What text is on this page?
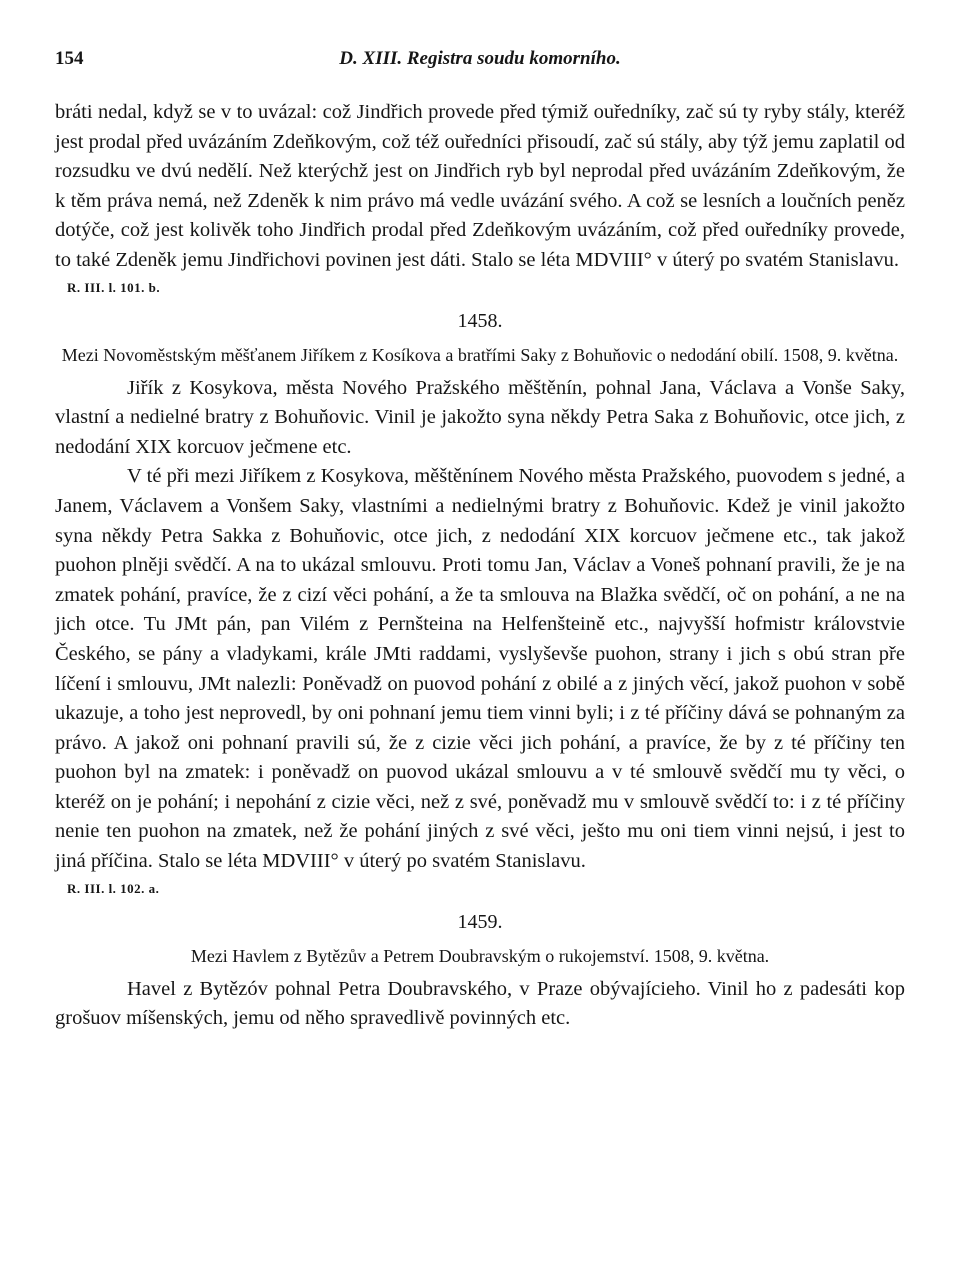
154	D. XIII. Registra soudu komorního.

bráti nedal, když se v to uvázal: což Jindřich provede před týmiž ouředníky, zač sú ty ryby stály, kteréž jest prodal před uvázáním Zdeňkovým, což též ouředníci přisoudí, zač sú stály, aby týž jemu zaplatil od rozsudku ve dvú nedělí. Než kterýchž jest on Jindřich ryb byl neprodal před uvázáním Zdeňkovým, že k těm práva nemá, než Zdeněk k nim právo má vedle uvázání svého. A což se lesních a loučních peněz dotýče, což jest kolivěk toho Jindřich prodal před Zdeňkovým uvázáním, což před ouředníky provede, to také Zdeněk jemu Jindřichovi povinen jest dáti. Stalo se léta MDVIII° v úterý po svatém Stanislavu.

R. III. l. 101. b.
1458.
Mezi Novoměstským měšťanem Jiříkem z Kosíkova a bratřími Saky z Bohuňovic o nedodání obilí. 1508, 9. května.

Jiřík z Kosykova, města Nového Pražského měštěnín, pohnal Jana, Václava a Vonše Saky, vlastní a nedielné bratry z Bohuňovic. Vinil je jakožto syna někdy Petra Saka z Bohuňovic, otce jich, z nedodání XIX korcuov ječmene etc.

V té při mezi Jiříkem z Kosykova, měštěnínem Nového města Pražského, puovodem s jedné, a Janem, Václavem a Vonšem Saky, vlastními a nedielnými bratry z Bohuňovic. Kdež je vinil jakožto syna někdy Petra Sakka z Bohuňovic, otce jich, z nedodání XIX korcuov ječmene etc., tak jakož puohon plněji svědčí. A na to ukázal smlouvu. Proti tomu Jan, Václav a Voneš pohnaní pravili, že je na zmatek pohání, pravíce, že z cizí věci pohání, a že ta smlouva na Blažka svědčí, oč on pohání, a ne na jich otce. Tu JMt pán, pan Vilém z Pernšteina na Helfenšteině etc., najvyšší hofmistr královstvie Českého, se pány a vladykami, krále JMti raddami, vyslyševše puohon, strany i jich s obú stran pře líčení i smlouvu, JMt nalezli: Poněvadž on puovod pohání z obilé a z jiných věcí, jakož puohon v sobě ukazuje, a toho jest neprovedl, by oni pohnaní jemu tiem vinni byli; i z té příčiny dává se pohnaným za právo. A jakož oni pohnaní pravili sú, že z cizie věci jich pohání, a pravíce, že by z té příčiny ten puohon byl na zmatek: i poněvadž on puovod ukázal smlouvu a v té smlouvě svědčí mu ty věci, o kteréž on je pohání; i nepohání z cizie věci, než z své, poněvadž mu v smlouvě svědčí to: i z té příčiny nenie ten puohon na zmatek, než že pohání jiných z své věci, ješto mu oni tiem vinni nejsú, i jest to jiná příčina. Stalo se léta MDVIII° v úterý po svatém Stanislavu.

R. III. l. 102. a.
1459.
Mezi Havlem z Bytězův a Petrem Doubravským o rukojemství. 1508, 9. května.

Havel z Bytězóv pohnal Petra Doubravského, v Praze obývajícieho. Vinil ho z padesáti kop grošuov míšenských, jemu od něho spravedlivě povinných etc.
